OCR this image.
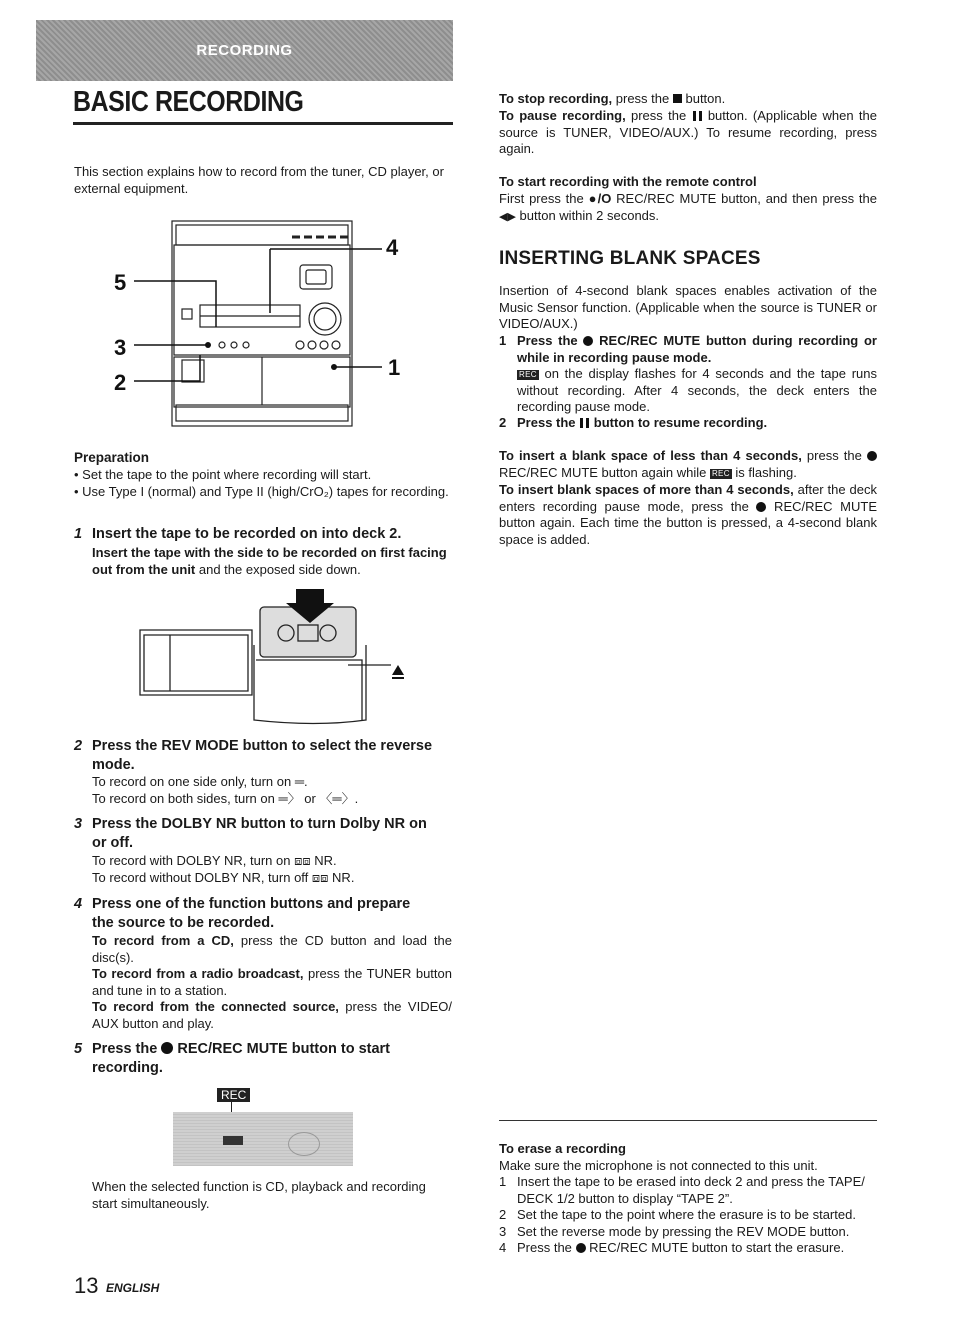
RECORDING
BASIC RECORDING
This section explains how to record from the tuner, CD player, or external equipment.
5
4
3
1
2
Preparation
• Set the tape to the point where recording will start.
• Use Type I (normal) and Type II (high/CrO₂) tapes for recording.
1 Insert the tape to be recorded on into deck 2.
Insert the tape with the side to be recorded on first facing out from the unit and the exposed side down.
2 Press the REV MODE button to select the reverse
mode.
To record on one side only, turn on ═.
To record on both sides, turn on ═〉 or 〈═〉.
3 Press the DOLBY NR button to turn Dolby NR on
or off.
To record with DOLBY NR, turn on ⧈⧈ NR.
To record without DOLBY NR, turn off ⧈⧈ NR.
4 Press one of the function buttons and prepare
the source to be recorded.
To record from a CD, press the CD button and load the disc(s).
To record from a radio broadcast, press the TUNER button and tune in to a station.
To record from the connected source, press the VIDEO/ AUX button and play.
5 Press the REC/REC MUTE button to start
recording.
REC
When the selected function is CD, playback and recording start simultaneously.
To stop recording, press the  button.
To pause recording, press the  button. (Applicable when the source is TUNER, VIDEO/AUX.) To resume recording, press again.
To start recording with the remote control
First press the ●/O REC/REC MUTE button, and then press the ◀▶ button within 2 seconds.
INSERTING BLANK SPACES
Insertion of 4-second blank spaces enables activation of the Music Sensor function. (Applicable when the source is TUNER or VIDEO/AUX.)
1 Press the REC/REC MUTE button during recording or while in recording pause mode.
REC on the display flashes for 4 seconds and the tape runs without recording. After 4 seconds, the deck enters the recording pause mode.
2 Press the  button to resume recording.
To insert a blank space of less than 4 seconds, press the  REC/REC MUTE button again while REC is flashing.
To insert blank spaces of more than 4 seconds, after the deck enters recording pause mode, press the  REC/REC MUTE button again. Each time the button is pressed, a 4-second blank space is added.
To erase a recording
Make sure the microphone is not connected to this unit.
1 Insert the tape to be erased into deck 2 and press the TAPE/ DECK 1/2 button to display “TAPE 2”.
2 Set the tape to the point where the erasure is to be started.
3 Set the reverse mode by pressing the REV MODE button.
4 Press the REC/REC MUTE button to start the erasure.
13 ENGLISH
